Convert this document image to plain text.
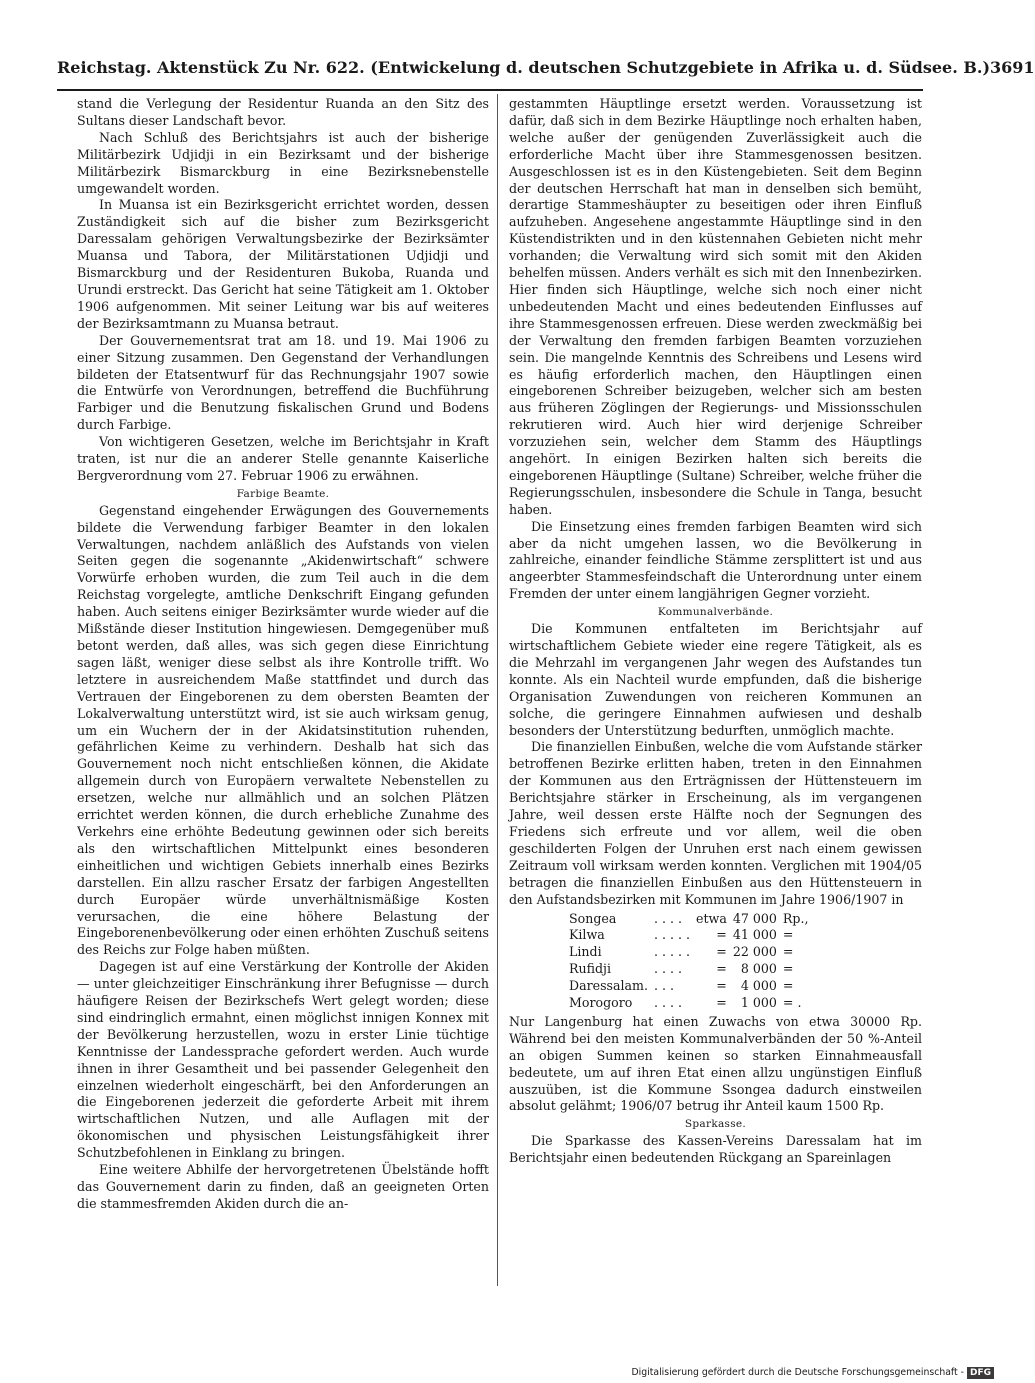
Reichstag. Aktenstück Zu Nr. 622. (Entwickelung d. deutschen Schutzgebiete in Afrika u. d. Südsee. B.) 3691

stand die Verlegung der Residentur Ruanda an den Sitz des Sultans dieser Landschaft bevor.

Nach Schluß des Berichtsjahrs ist auch der bisherige Militärbezirk Udjidji in ein Bezirksamt und der bisherige Militärbezirk Bismarckburg in eine Bezirksnebenstelle umgewandelt worden.

In Muansa ist ein Bezirksgericht errichtet worden, dessen Zuständigkeit sich auf die bisher zum Bezirksgericht Daressalam gehörigen Verwaltungsbezirke der Bezirksämter Muansa und Tabora, der Militärstationen Udjidji und Bismarckburg und der Residenturen Bukoba, Ruanda und Urundi erstreckt. Das Gericht hat seine Tätigkeit am 1. Oktober 1906 aufgenommen. Mit seiner Leitung war bis auf weiteres der Bezirksamtmann zu Muansa betraut.

Der Gouvernementsrat trat am 18. und 19. Mai 1906 zu einer Sitzung zusammen. Den Gegenstand der Verhandlungen bildeten der Etatsentwurf für das Rechnungsjahr 1907 sowie die Entwürfe von Verordnungen, betreffend die Buchführung Farbiger und die Benutzung fiskalischen Grund und Bodens durch Farbige.

Von wichtigeren Gesetzen, welche im Berichtsjahr in Kraft traten, ist nur die an anderer Stelle genannte Kaiserliche Bergverordnung vom 27. Februar 1906 zu erwähnen.

Farbige Beamte.

Gegenstand eingehender Erwägungen des Gouvernements bildete die Verwendung farbiger Beamter in den lokalen Verwaltungen, nachdem anläßlich des Aufstands von vielen Seiten gegen die sogenannte „Akidenwirtschaft“ schwere Vorwürfe erhoben wurden, die zum Teil auch in die dem Reichstag vorgelegte, amtliche Denkschrift Eingang gefunden haben. Auch seitens einiger Bezirksämter wurde wieder auf die Mißstände dieser Institution hingewiesen. Demgegenüber muß betont werden, daß alles, was sich gegen diese Einrichtung sagen läßt, weniger diese selbst als ihre Kontrolle trifft. Wo letztere in ausreichendem Maße stattfindet und durch das Vertrauen der Eingeborenen zu dem obersten Beamten der Lokalverwaltung unterstützt wird, ist sie auch wirksam genug, um ein Wuchern der in der Akidatsinstitution ruhenden, gefährlichen Keime zu verhindern. Deshalb hat sich das Gouvernement noch nicht entschließen können, die Akidate allgemein durch von Europäern verwaltete Nebenstellen zu ersetzen, welche nur allmählich und an solchen Plätzen errichtet werden können, die durch erhebliche Zunahme des Verkehrs eine erhöhte Bedeutung gewinnen oder sich bereits als den wirtschaftlichen Mittelpunkt eines besonderen einheitlichen und wichtigen Gebiets innerhalb eines Bezirks darstellen. Ein allzu rascher Ersatz der farbigen Angestellten durch Europäer würde unverhältnismäßige Kosten verursachen, die eine höhere Belastung der Eingeborenenbevölkerung oder einen erhöhten Zuschuß seitens des Reichs zur Folge haben müßten.

Dagegen ist auf eine Verstärkung der Kontrolle der Akiden — unter gleichzeitiger Einschränkung ihrer Befugnisse — durch häufigere Reisen der Bezirkschefs Wert gelegt worden; diese sind eindringlich ermahnt, einen möglichst innigen Konnex mit der Bevölkerung herzustellen, wozu in erster Linie tüchtige Kenntnisse der Landessprache gefordert werden. Auch wurde ihnen in ihrer Gesamtheit und bei passender Gelegenheit den einzelnen wiederholt eingeschärft, bei den Anforderungen an die Eingeborenen jederzeit die geforderte Arbeit mit ihrem wirtschaftlichen Nutzen, und alle Auflagen mit der ökonomischen und physischen Leistungsfähigkeit ihrer Schutzbefohlenen in Einklang zu bringen.

Eine weitere Abhilfe der hervorgetretenen Übelstände hofft das Gouvernement darin zu finden, daß an geeigneten Orten die stammesfremden Akiden durch die an-

gestammten Häuptlinge ersetzt werden. Voraussetzung ist dafür, daß sich in dem Bezirke Häuptlinge noch erhalten haben, welche außer der genügenden Zuverlässigkeit auch die erforderliche Macht über ihre Stammesgenossen besitzen. Ausgeschlossen ist es in den Küstengebieten. Seit dem Beginn der deutschen Herrschaft hat man in denselben sich bemüht, derartige Stammeshäupter zu beseitigen oder ihren Einfluß aufzuheben. Angesehene angestammte Häuptlinge sind in den Küstendistrikten und in den küstennahen Gebieten nicht mehr vorhanden; die Verwaltung wird sich somit mit den Akiden behelfen müssen. Anders verhält es sich mit den Innenbezirken. Hier finden sich Häuptlinge, welche sich noch einer nicht unbedeutenden Macht und eines bedeutenden Einflusses auf ihre Stammesgenossen erfreuen. Diese werden zweckmäßig bei der Verwaltung den fremden farbigen Beamten vorzuziehen sein. Die mangelnde Kenntnis des Schreibens und Lesens wird es häufig erforderlich machen, den Häuptlingen einen eingeborenen Schreiber beizugeben, welcher sich am besten aus früheren Zöglingen der Regierungs- und Missionsschulen rekrutieren wird. Auch hier wird derjenige Schreiber vorzuziehen sein, welcher dem Stamm des Häuptlings angehört. In einigen Bezirken halten sich bereits die eingeborenen Häuptlinge (Sultane) Schreiber, welche früher die Regierungsschulen, insbesondere die Schule in Tanga, besucht haben.

Die Einsetzung eines fremden farbigen Beamten wird sich aber da nicht umgehen lassen, wo die Bevölkerung in zahlreiche, einander feindliche Stämme zersplittert ist und aus angeerbter Stammesfeindschaft die Unterordnung unter einem Fremden der unter einem langjährigen Gegner vorzieht.

Kommunalverbände.

Die Kommunen entfalteten im Berichtsjahr auf wirtschaftlichem Gebiete wieder eine regere Tätigkeit, als es die Mehrzahl im vergangenen Jahr wegen des Aufstandes tun konnte. Als ein Nachteil wurde empfunden, daß die bisherige Organisation Zuwendungen von reicheren Kommunen an solche, die geringere Einnahmen aufwiesen und deshalb besonders der Unterstützung bedurften, unmöglich machte.

Die finanziellen Einbußen, welche die vom Aufstande stärker betroffenen Bezirke erlitten haben, treten in den Einnahmen der Kommunen aus den Erträgnissen der Hüttensteuern im Berichtsjahre stärker in Erscheinung, als im vergangenen Jahre, weil dessen erste Hälfte noch der Segnungen des Friedens sich erfreute und vor allem, weil die oben geschilderten Folgen der Unruhen erst nach einem gewissen Zeitraum voll wirksam werden konnten. Verglichen mit 1904/05 betragen die finanziellen Einbußen aus den Hüttensteuern in den Aufstandsbezirken mit Kommunen im Jahre 1906/1907 in

Songea	. . . .	etwa	47 000	Rp.,
Kilwa	. . . . .	=	41 000	=
Lindi	. . . . .	=	22 000	=
Rufidji	. . . .	=	8 000	=
Daressalam.	. . .	=	4 000	=
Morogoro	. . . .	=	1 000	= .

Nur Langenburg hat einen Zuwachs von etwa 30000 Rp. Während bei den meisten Kommunalverbänden der 50 %-Anteil an obigen Summen keinen so starken Einnahmeausfall bedeutete, um auf ihren Etat einen allzu ungünstigen Einfluß auszuüben, ist die Kommune Ssongea dadurch einstweilen absolut gelähmt; 1906/07 betrug ihr Anteil kaum 1500 Rp.

Sparkasse.

Die Sparkasse des Kassen-Vereins Daressalam hat im Berichtsjahr einen bedeutenden Rückgang an Spareinlagen

Digitalisierung gefördert durch die Deutsche Forschungsgemeinschaft - DFG
